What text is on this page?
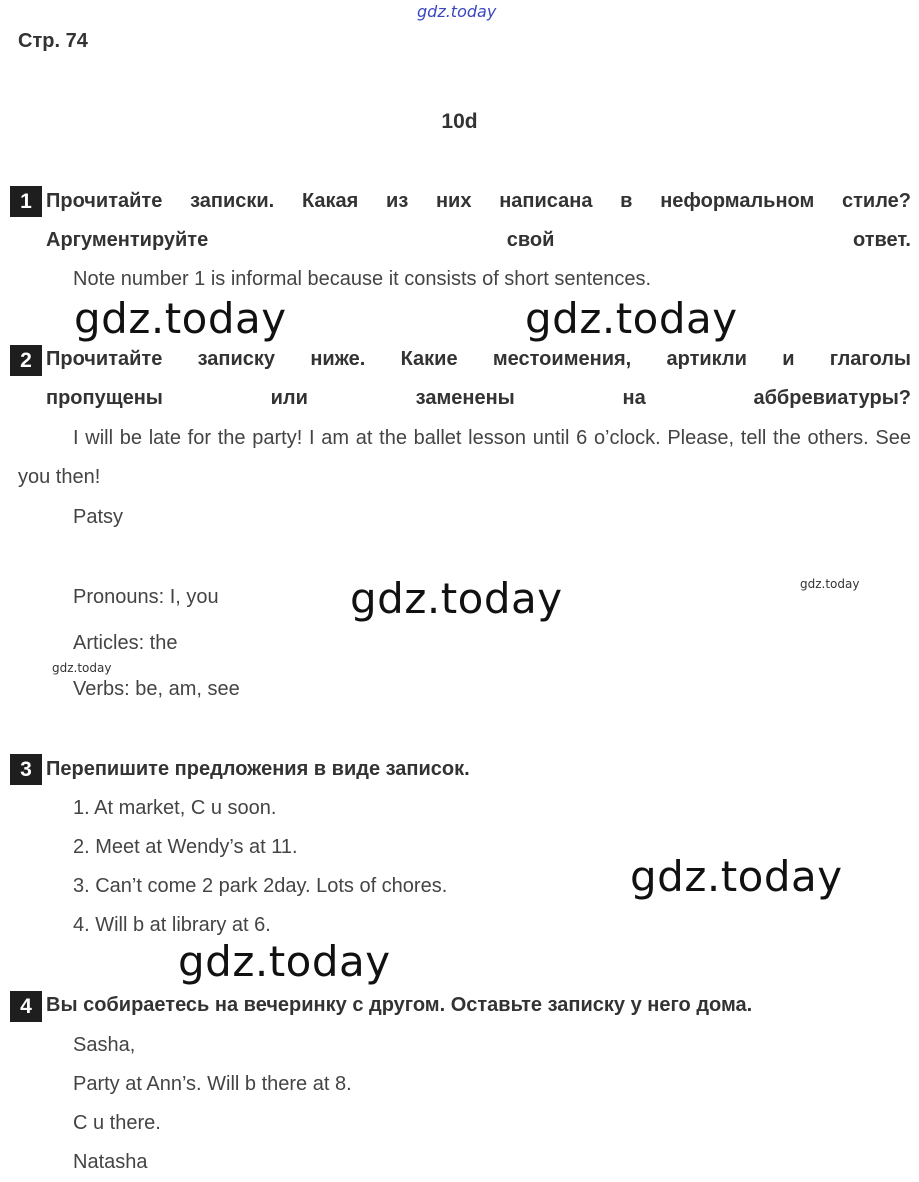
gdz.today
Стр. 74
10d
1 Прочитайте записки. Какая из них написана в неформальном стиле?
Аргументируйте свой ответ.
Note number 1 is informal because it consists of short sentences.
gdz.today	gdz.today
2 Прочитайте записку ниже. Какие местоимения, артикли и глаголы
пропущены или заменены на аббревиатуры?
I will be late for the party! I am at the ballet lesson until 6 o’clock. Please, tell the others. See you then!
Patsy
Pronouns: I, you	gdz.today	gdz.today
Articles: the
gdz.today
Verbs: be, am, see
3 Перепишите предложения в виде записок.
1. At market, C u soon.
2. Meet at Wendy’s at 11.
3. Can’t come 2 park 2day. Lots of chores.	gdz.today
4. Will b at library at 6.
gdz.today
4 Вы собираетесь на вечеринку с другом. Оставьте записку у него дома.
Sasha,
Party at Ann’s. Will b there at 8.
C u there.
Natasha
